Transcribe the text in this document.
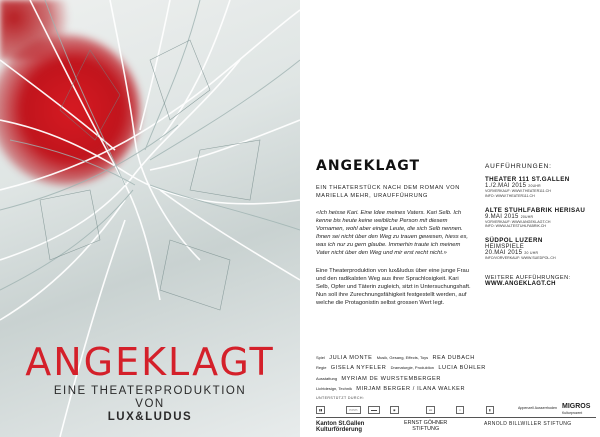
ANGEKLAGT
EINE THEATERPRODUKTION
VON
LUX&LUDUS
ANGEKLAGT
EIN THEATERSTÜCK NACH DEM ROMAN VON MARIELLA MEHR, URAUFFÜHRUNG
«Ich heisse Kari. Eine Idee meines Vaters. Kari Selb. Ich kenne bis heute keine weibliche Person mit diesem Vornamen, wohl aber einige Leute, die sich Selb nennen. Ihnen sei nicht über den Weg zu trauen gewesen, hiess es, was ich nur zu gern glaube. Immerhin traute ich meinem Vater nicht über den Weg und mir erst recht nicht.»
Eine Theaterproduktion von lux&ludus über eine junge Frau und den radikalsten Weg aus ihrer Sprachlosigkeit. Kari Selb, Opfer und Täterin zugleich, sitzt in Untersuchungshaft. Nun soll ihre Zurechnungsfähigkeit festgestellt werden, auf welche die Protagonistin selbst grossen Wert legt.
Spiel JULIA MONTE Musik, Gesang, Effects, Toys REA DUBACH
Regie GISELA NYFELER Dramaturgie, Produktion LUCIA BÜHLER
Ausstattung MYRIAM DE WURSTEMBERGER
Lichtdesign, Technik MIRJAM BERGER / ILANA WALKER
AUFFÜHRUNGEN:
THEATER 111 ST.GALLEN
1./2.MAI 2015 20UHR
VORVERKAUF: WWW.THEATER111.CH
INFO: WWW.THEATER111.CH
ALTE STUHLFABRIK HERISAU
9.MAI 2015 20UHR
VORVERKAUF: WWW.ANGEKLAGT.CH
INFO: WWW.ALTESTUHLFABRIK.CH
SÜDPOL LUZERN
HEIMSPIELE
20.MAI 2015 20 UHR
INFO/VORVERKAUF: WWW.SUEDPOL.CH
WEITERE AUFFÜHRUNGEN:
WWW.ANGEKLAGT.CH
UNTERSTÜTZT DURCH:
▮▮	▭▭▭	▬▬	◉	▪▪▪	▫▫	▮
Kanton St.Gallen
Kulturförderung
ERNST GÖHNER
STIFTUNG
ARNOLD BILLWILLER STIFTUNG
Appenzell Ausserrhoden MIGROS
Kulturprozent
